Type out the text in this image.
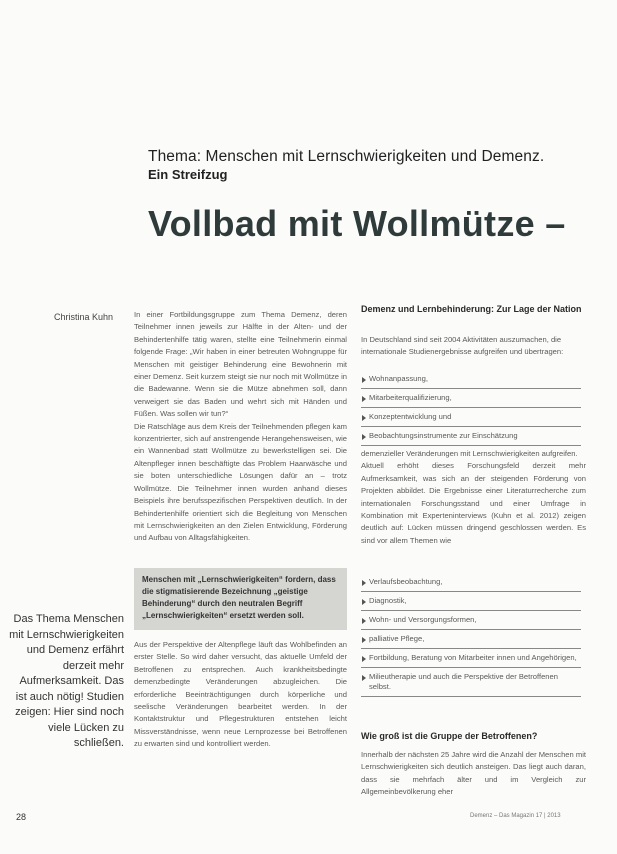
Thema: Menschen mit Lernschwierigkeiten und Demenz.
Ein Streifzug
Vollbad mit Wollmütze –
Christina Kuhn	In einer Fortbildungsgruppe zum Thema Demenz, deren Teilnehmer innen jeweils zur Hälfte in der Alten- und der Behindertenhilfe tätig waren, stellte eine Teilnehmerin einmal folgende Frage: „Wir haben in einer betreuten Wohngruppe für Menschen mit geistiger Behinderung eine Bewohnerin mit einer Demenz. Seit kurzem steigt sie nur noch mit Wollmütze in die Badewanne. Wenn sie die Mütze abnehmen soll, dann verweigert sie das Baden und wehrt sich mit Händen und Füßen. Was sollen wir tun?“

Die Ratschläge aus dem Kreis der Teilnehmenden pflegen kam konzentrierter, sich auf anstrengende Herangehensweisen, wie ein Wannenbad statt Wollmütze zu bewerkstelligen sei. Die Altenpfleger innen beschäftigte das Problem Haarwäsche und sie boten unterschiedliche Lösungen dafür an – trotz Wollmütze. Die Teilnehmer innen wurden anhand dieses Beispiels ihre berufsspezifischen Perspektiven deutlich. In der Behindertenhilfe orientiert sich die Begleitung von Menschen mit Lernschwierigkeiten an den Zielen Entwicklung, Förderung und Aufbau von Alltagsfähigkeiten.

Menschen mit „Lernschwierigkeiten“ fordern, dass die stigmatisierende Bezeichnung „geistige Behinderung“ durch den neutralen Begriff „Lernschwierigkeiten“ ersetzt werden soll.
Aus der Perspektive der Altenpflege läuft das Wohlbefinden an erster Stelle. So wird daher versucht, das aktuelle Umfeld der Betroffenen zu entsprechen. Auch krankheitsbedingte demenzbedingte Veränderungen abzugleichen. Die erforderliche Beeinträchtigungen durch körperliche und seelische Veränderungen bearbeitet werden. In der Kontaktstruktur und Pflegestrukturen entstehen leicht Missverständnisse, wenn neue Lernprozesse bei Betroffenen zu erwarten sind und kontrolliert werden.
Das Thema Menschen mit Lernschwierigkeiten und Demenz erfährt derzeit mehr Aufmerksamkeit. Das ist auch nötig! Studien zeigen: Hier sind noch viele Lücken zu schließen.
Demenz und Lernbehinderung: Zur Lage der Nation
In Deutschland sind seit 2004 Aktivitäten auszumachen, die internationale Studienergebnisse aufgreifen und übertragen:
Wohnanpassung,
Mitarbeiterqualifizierung,
Konzeptentwicklung und
Beobachtungsinstrumente zur Einschätzung

demenzieller Veränderungen mit Lernschwierigkeiten aufgreifen.

Aktuell erhöht dieses Forschungsfeld derzeit mehr Aufmerksamkeit, was sich an der steigenden Förderung von Projekten abbildet. Die Ergebnisse einer Literaturrecherche zum internationalen Forschungsstand und einer Umfrage in Kombination mit Experteninterviews (Kuhn et al. 2012) zeigen deutlich auf: Lücken müssen dringend geschlossen werden. Es sind vor allem Themen wie

Verlaufsbeobachtung,
Diagnostik,
Wohn- und Versorgungsformen,
palliative Pflege,
Fortbildung, Beratung von Mitarbeiter innen und Angehörigen,
Milieutherapie und auch die Perspektive der Betroffenen selbst.
Wie groß ist die Gruppe der Betroffenen?
Innerhalb der nächsten 25 Jahre wird die Anzahl der Menschen mit Lernschwierigkeiten sich deutlich ansteigen. Das liegt auch daran, dass sie mehrfach älter und im Vergleich zur Allgemeinbevölkerung eher
28	Demenz – Das Magazin 17 | 2013
